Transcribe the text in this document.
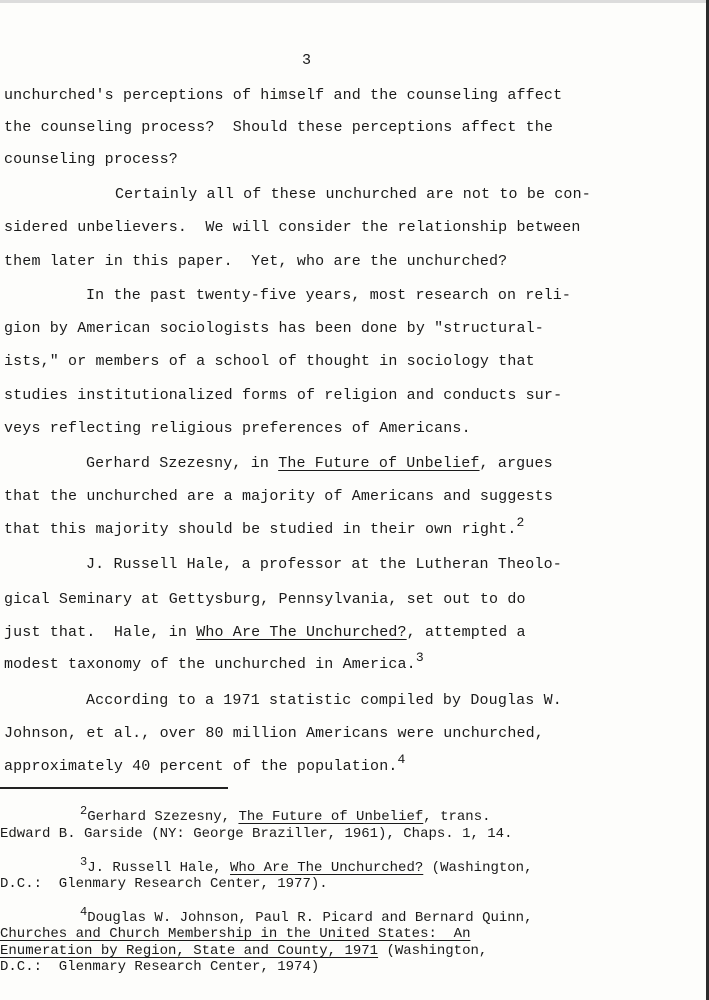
3
unchurched's perceptions of himself and the counseling affect
the counseling process?  Should these perceptions affect the
counseling process?
Certainly all of these unchurched are not to be con-
sidered unbelievers.  We will consider the relationship between
them later in this paper.  Yet, who are the unchurched?
In the past twenty-five years, most research on reli-
gion by American sociologists has been done by "structural-
ists," or members of a school of thought in sociology that
studies institutionalized forms of religion and conducts sur-
veys reflecting religious preferences of Americans.
Gerhard Szezesny, in The Future of Unbelief, argues
that the unchurched are a majority of Americans and suggests
that this majority should be studied in their own right.$^2$
J. Russell Hale, a professor at the Lutheran Theolo-
gical Seminary at Gettysburg, Pennsylvania, set out to do
just that.  Hale, in Who Are The Unchurched?, attempted a
modest taxonomy of the unchurched in America.$^3$
According to a 1971 statistic compiled by Douglas W.
Johnson, et al., over 80 million Americans were unchurched,
approximately 40 percent of the population.$^4$
$^2$Gerhard Szezesny, The Future of Unbelief, trans.
Edward B. Garside (NY: George Braziller, 1961), Chaps. 1, 14.
$^3$J. Russell Hale, Who Are The Unchurched? (Washington,
D.C.:  Glenmary Research Center, 1977).
$^4$Douglas W. Johnson, Paul R. Picard and Bernard Quinn,
Churches and Church Membership in the United States:  An
Enumeration by Region, State and County, 1971 (Washington,
D.C.:  Glenmary Research Center, 1974)
